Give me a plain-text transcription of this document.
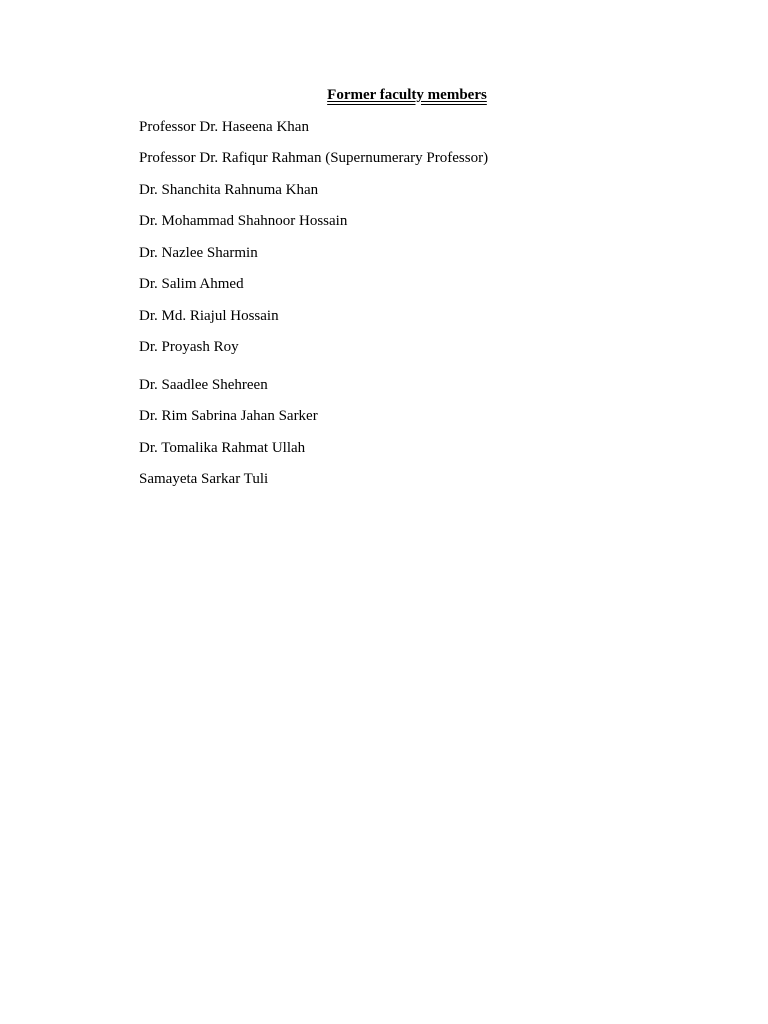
Former faculty members
Professor Dr. Haseena Khan
Professor Dr. Rafiqur Rahman (Supernumerary Professor)
Dr. Shanchita Rahnuma Khan
Dr. Mohammad Shahnoor Hossain
Dr. Nazlee Sharmin
Dr. Salim Ahmed
Dr. Md. Riajul Hossain
Dr. Proyash Roy
Dr. Saadlee Shehreen
Dr. Rim Sabrina Jahan Sarker
Dr. Tomalika Rahmat Ullah
Samayeta Sarkar Tuli
